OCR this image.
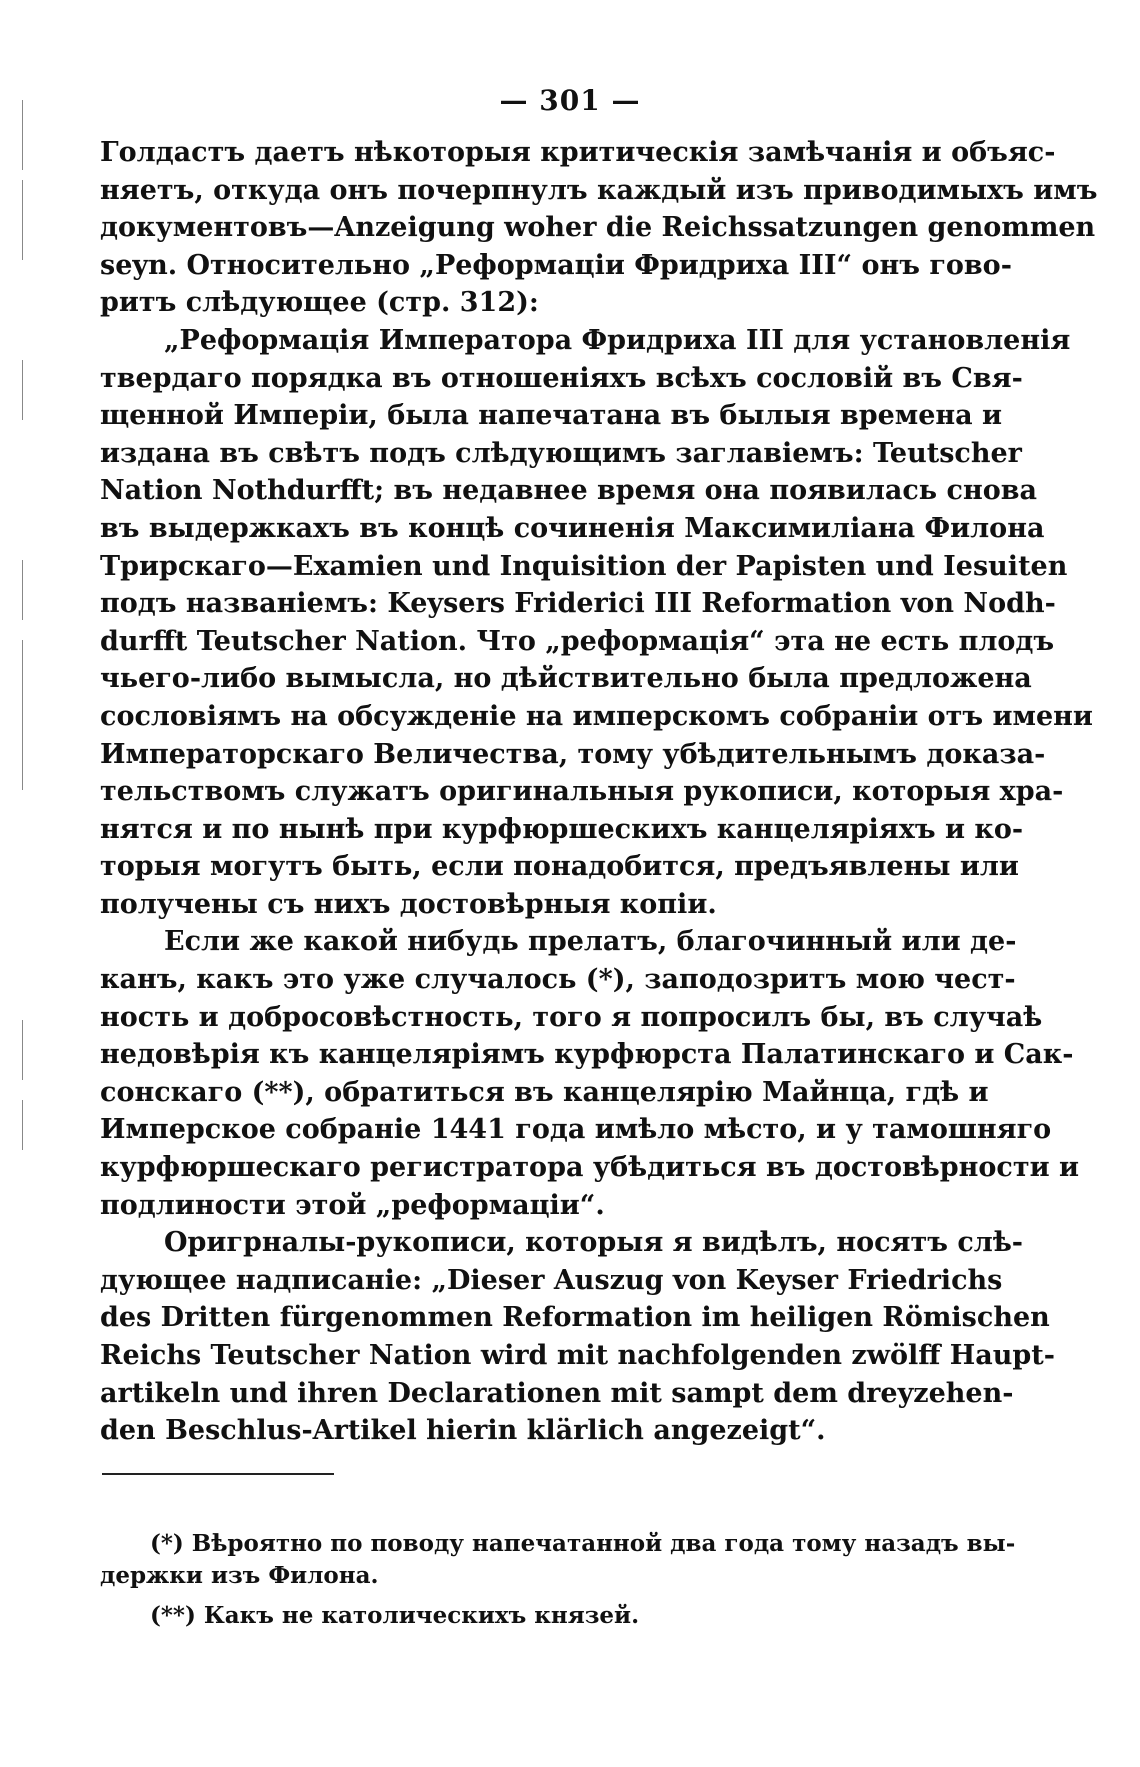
— 301 —
Голдастъ даетъ нѣкоторыя критическія замѣчанія и объяс-
няетъ, откуда онъ почерпнулъ каждый изъ приводимыхъ имъ
документовъ—Anzeigung woher die Reichssatzungen genommen
seyn. Относительно „Реформаціи Фридриха III“ онъ гово-
ритъ слѣдующее (стр. 312):
„Реформація Императора Фридриха III для установленія
твердаго порядка въ отношеніяхъ всѣхъ сословій въ Свя-
щенной Имперіи, была напечатана въ былыя времена и
издана въ свѣтъ подъ слѣдующимъ заглавіемъ: Teutscher
Nation Nothdurfft; въ недавнее время она появилась снова
въ выдержкахъ въ концѣ сочиненія Максимиліана Филона
Трирскаго—Examien und Inquisition der Papisten und Iesuiten
подъ названіемъ: Keysers Friderici III Reformation von Nodh-
durfft Teutscher Nation. Что „реформація“ эта не есть плодъ
чьего-либо вымысла, но дѣйствительно была предложена
сословіямъ на обсужденіе на имперскомъ собраніи отъ имени
Императорскаго Величества, тому убѣдительнымъ доказа-
тельствомъ служатъ оригинальныя рукописи, которыя хра-
нятся и по нынѣ при курфюршескихъ канцеляріяхъ и ко-
торыя могутъ быть, если понадобится, предъявлены или
получены съ нихъ достовѣрныя копіи.
Если же какой нибудь прелатъ, благочинный или де-
канъ, какъ это уже случалось (*), заподозритъ мою чест-
ность и добросовѣстность, того я попросилъ бы, въ случаѣ
недовѣрія къ канцеляріямъ курфюрста Палатинскаго и Сак-
сонскаго (**), обратиться въ канцелярію Майнца, гдѣ и
Имперское собраніе 1441 года имѣло мѣсто, и у тамошняго
курфюршескаго регистратора убѣдиться въ достовѣрности и
подлиности этой „реформаціи“.
Оригрналы-рукописи, которыя я видѣлъ, носятъ слѣ-
дующее надписаніе: „Dieser Auszug von Keyser Friedrichs
des Dritten fürgenommen Reformation im heiligen Römischen
Reichs Teutscher Nation wird mit nachfolgenden zwölff Haupt-
artikeln und ihren Declarationen mit sampt dem dreyzehen-
den Beschlus-Artikel hierin klärlich angezeigt“.
(*) Вѣроятно по поводу напечатанной два года тому назадъ вы-
держки изъ Филона.
(**) Какъ не католическихъ князей.
